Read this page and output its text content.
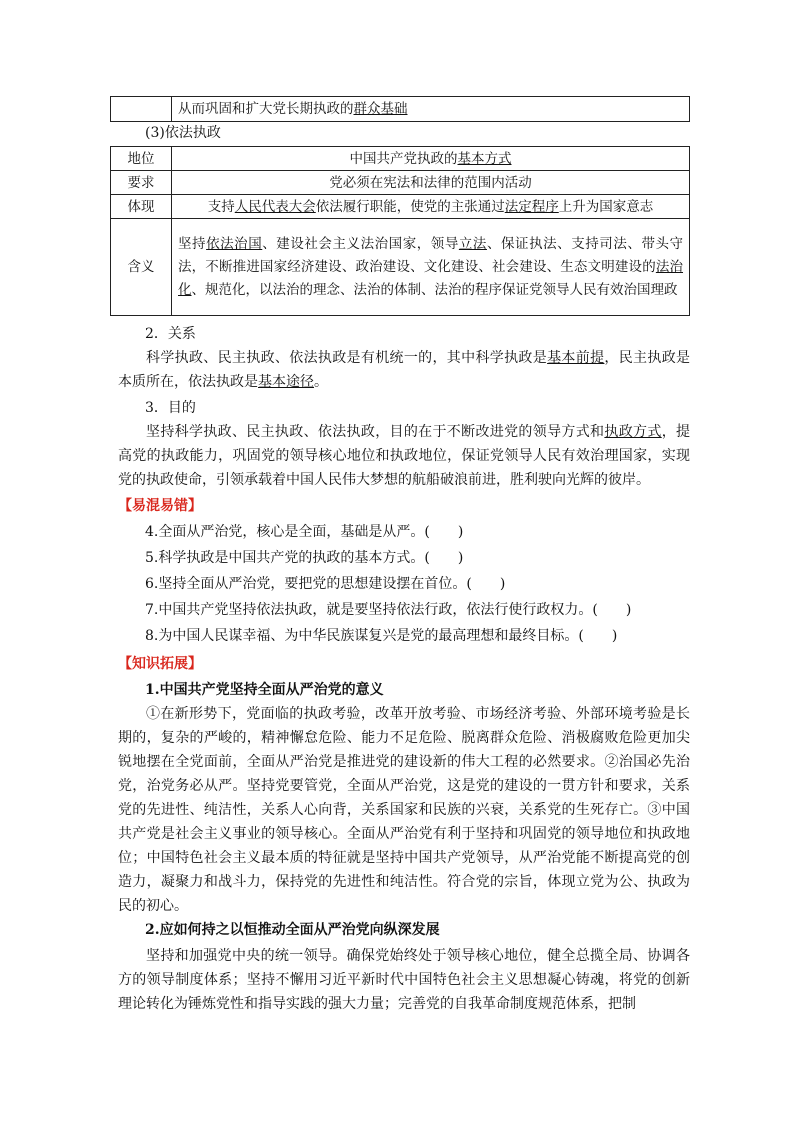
	从而巩固和扩大党长期执政的群众基础
(3)依法执政
地位	中国共产党执政的基本方式
要求	党必须在宪法和法律的范围内活动
体现	支持人民代表大会依法履行职能，使党的主张通过法定程序上升为国家意志
含义	坚持依法治国、建设社会主义法治国家，领导立法、保证执法、支持司法、带头守法，不断推进国家经济建设、政治建设、文化建设、社会建设、生态文明建设的法治化、规范化，以法治的理念、法治的体制、法治的程序保证党领导人民有效治国理政
2．关系
科学执政、民主执政、依法执政是有机统一的，其中科学执政是基本前提，民主执政是本质所在，依法执政是基本途径。
3．目的
坚持科学执政、民主执政、依法执政，目的在于不断改进党的领导方式和执政方式，提高党的执政能力，巩固党的领导核心地位和执政地位，保证党领导人民有效治理国家，实现党的执政使命，引领承载着中国人民伟大梦想的航船破浪前进，胜利驶向光辉的彼岸。
【易混易错】
4.全面从严治党，核心是全面，基础是从严。(　　)
5.科学执政是中国共产党的执政的基本方式。(　　)
6.坚持全面从严治党，要把党的思想建设摆在首位。(　　)
7.中国共产党坚持依法执政，就是要坚持依法行政，依法行使行政权力。(　　)
8.为中国人民谋幸福、为中华民族谋复兴是党的最高理想和最终目标。(　　)
【知识拓展】
1.中国共产党坚持全面从严治党的意义
①在新形势下，党面临的执政考验，改革开放考验、市场经济考验、外部环境考验是长期的，复杂的严峻的，精神懈怠危险、能力不足危险、脱离群众危险、消极腐败危险更加尖锐地摆在全党面前，全面从严治党是推进党的建设新的伟大工程的必然要求。②治国必先治党，治党务必从严。坚持党要管党，全面从严治党，这是党的建设的一贯方针和要求，关系党的先进性、纯洁性，关系人心向背，关系国家和民族的兴衰，关系党的生死存亡。③中国共产党是社会主义事业的领导核心。全面从严治党有利于坚持和巩固党的领导地位和执政地位；中国特色社会主义最本质的特征就是坚持中国共产党领导，从严治党能不断提高党的创造力，凝聚力和战斗力，保持党的先进性和纯洁性。符合党的宗旨，体现立党为公、执政为民的初心。
2.应如何持之以恒推动全面从严治党向纵深发展
坚持和加强党中央的统一领导。确保党始终处于领导核心地位，健全总揽全局、协调各方的领导制度体系；坚持不懈用习近平新时代中国特色社会主义思想凝心铸魂，将党的创新理论转化为锤炼党性和指导实践的强大力量；完善党的自我革命制度规范体系，把制
